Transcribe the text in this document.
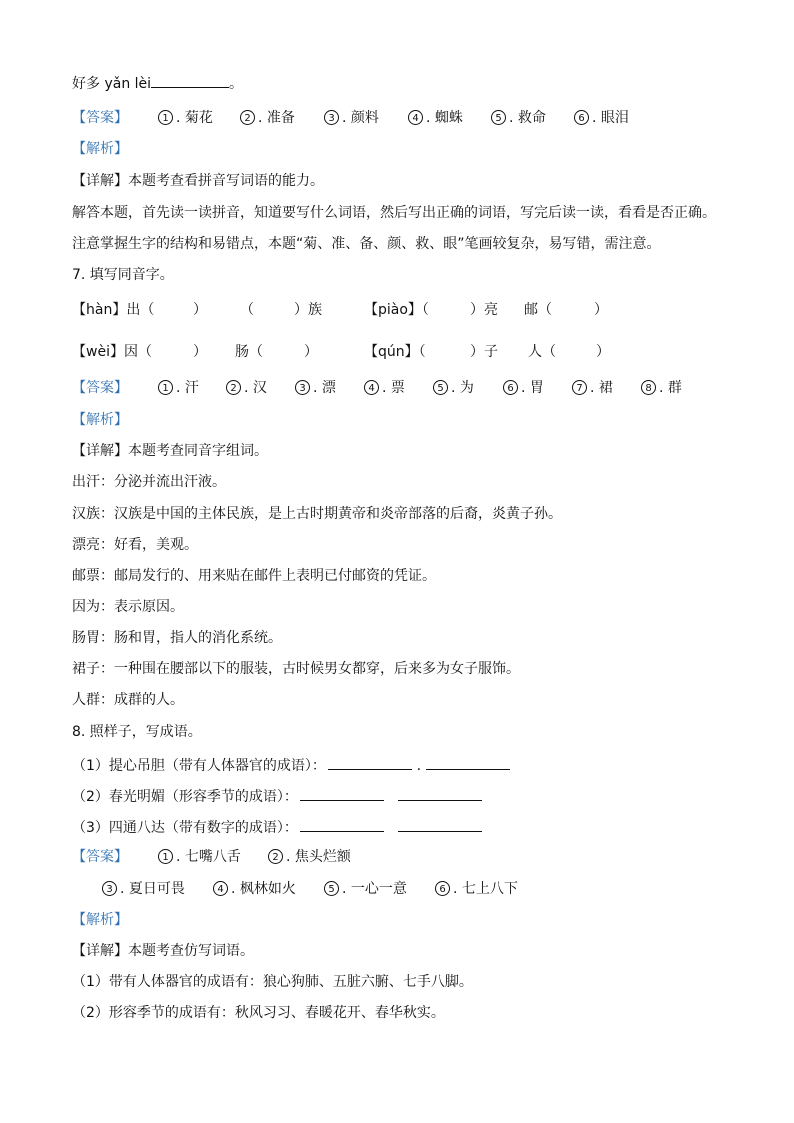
好多 yǎn lèi	。
【答案】	1 . 菊花	2 . 准备	3 . 颜料	4 . 蜘蛛	5 . 救命	6 . 眼泪
【解析】
【详解】本题考查看拼音写词语的能力。
解答本题，首先读一读拼音，知道要写什么词语，然后写出正确的词语，写完后读一读，看看是否正确。
注意掌握生字的结构和易错点，本题“菊、准、备、颜、救、眼”笔画较复杂，易写错，需注意。
7. 填写同音字。
【hàn】出（	） （	）族	【piào】（	）亮 邮（	）
【wèi】因（	） 肠（	）	【qún】（	）子 人（	）
【答案】	1 . 汗	2 . 汉	3 . 漂	4 . 票	5 . 为	6 . 胃	7 . 裙	8 . 群
【解析】
【详解】本题考查同音字组词。
出汗：分泌并流出汗液。
汉族：汉族是中国的主体民族，是上古时期黄帝和炎帝部落的后裔，炎黄子孙。
漂亮：好看，美观。
邮票：邮局发行的、用来贴在邮件上表明已付邮资的凭证。
因为：表示原因。
肠胃：肠和胃，指人的消化系统。
裙子：一种围在腰部以下的服装，古时候男女都穿，后来多为女子服饰。
人群：成群的人。
8. 照样子，写成语。
（1）提心吊胆（带有人体器官的成语）：	.
（2）春光明媚（形容季节的成语）：
（3）四通八达（带有数字的成语）：
【答案】	1 . 七嘴八舌	2 . 焦头烂额
3 . 夏日可畏	4 . 枫林如火	5 . 一心一意	6 . 七上八下
【解析】
【详解】本题考查仿写词语。
（1）带有人体器官的成语有：狼心狗肺、五脏六腑、七手八脚。
（2）形容季节的成语有：秋风习习、春暖花开、春华秋实。
